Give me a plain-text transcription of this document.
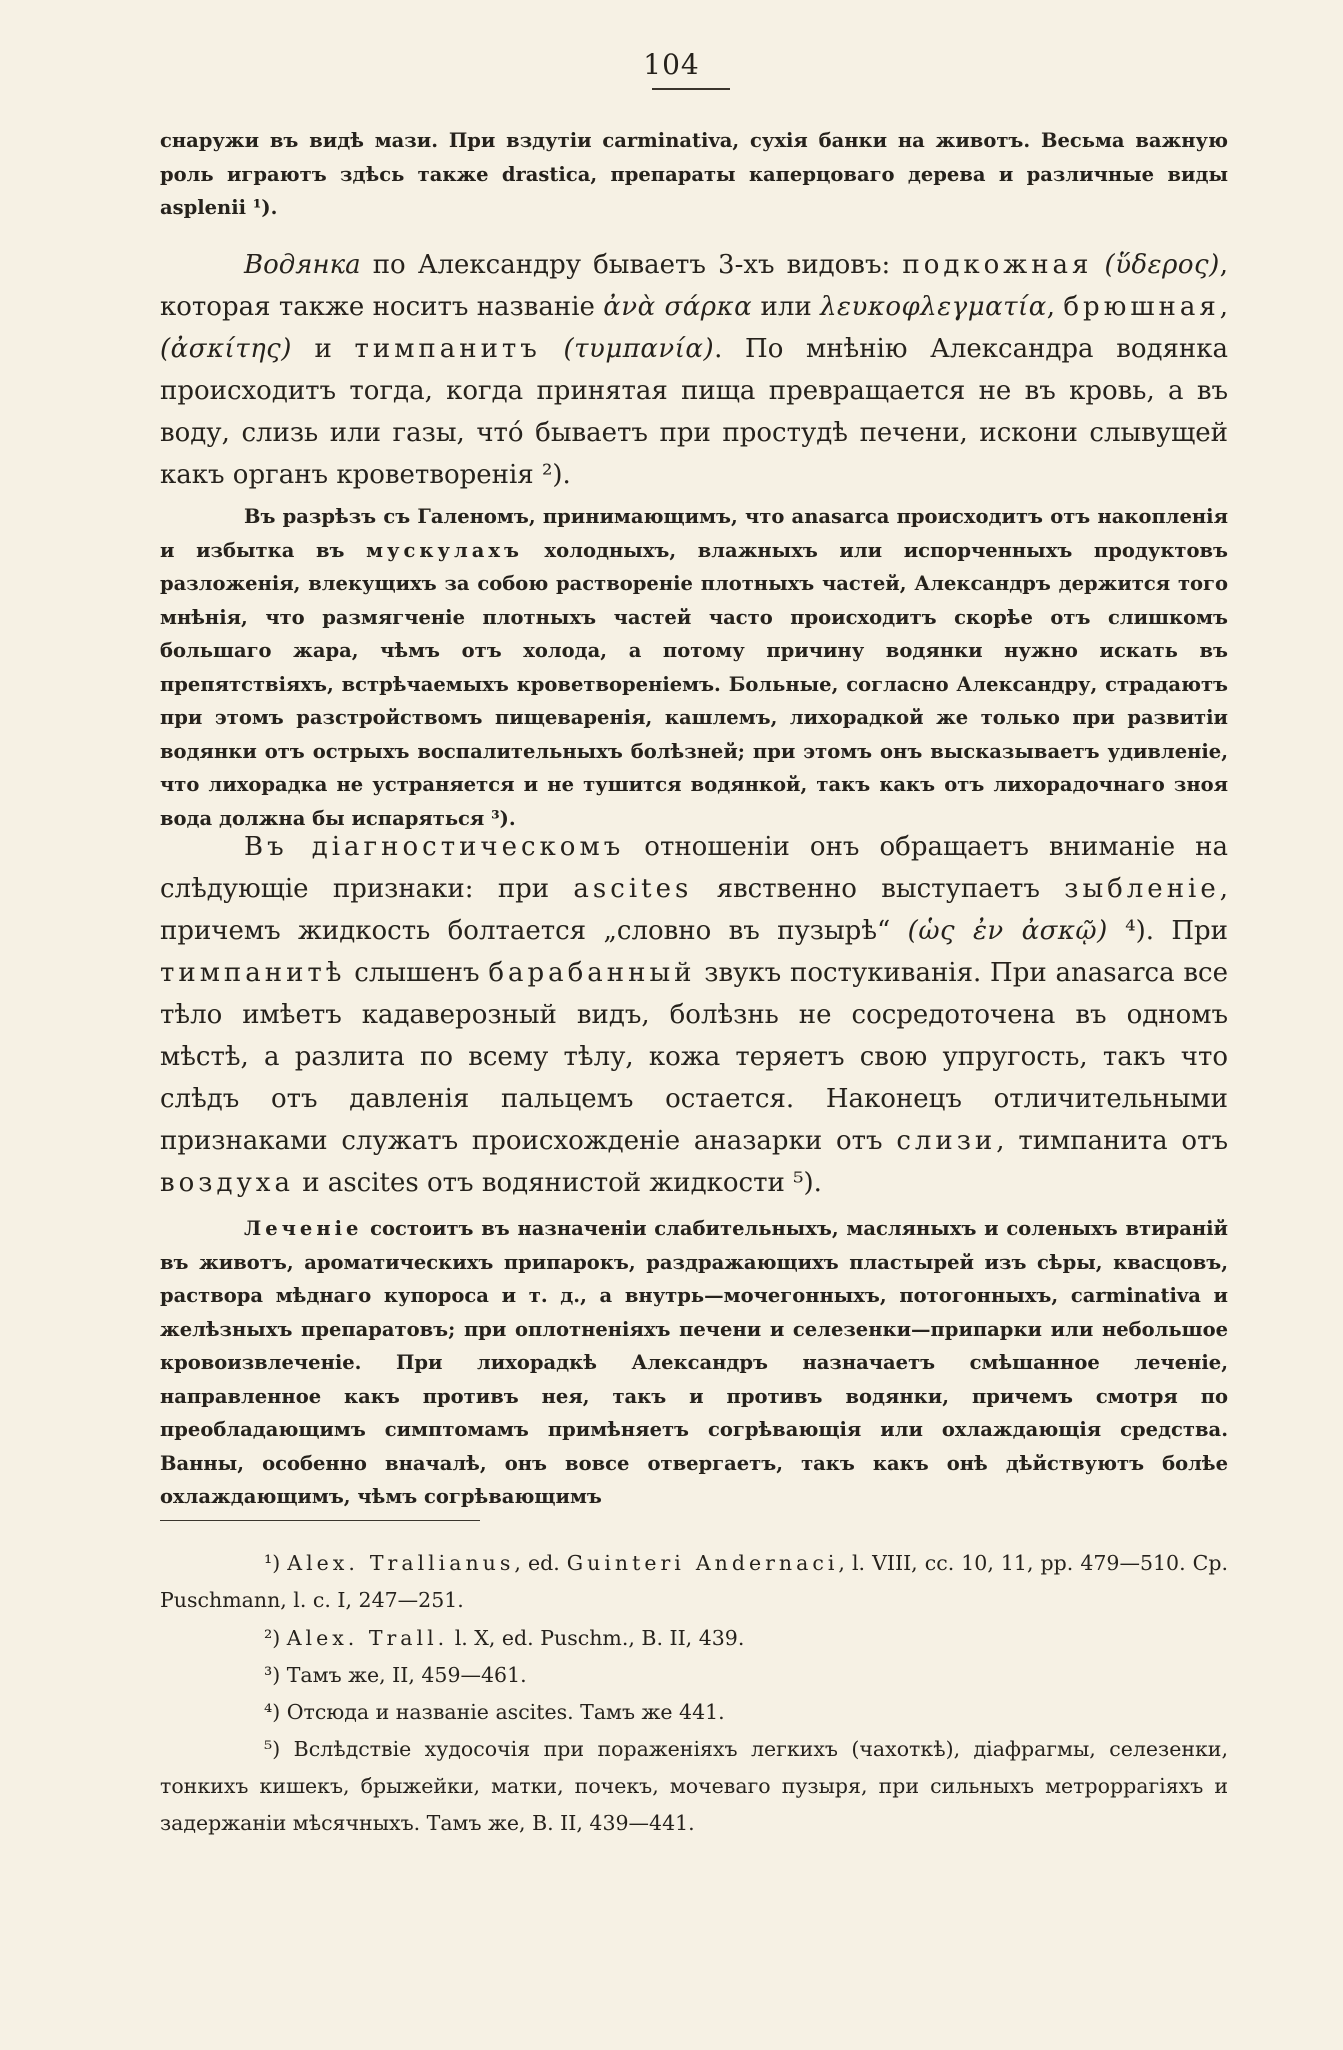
104
снаружи въ видѣ мази. При вздутіи carminativa, сухія банки на животъ. Весьма важную роль играютъ здѣсь также drastica, препараты каперцоваго дерева и различные виды asplenii ¹).
Водянка по Александру бываетъ 3-хъ видовъ: подкожная (ὕδερος), которая также носитъ названіе ἀνὰ σάρκα или λευκοφλεγματία, брюшная, (ἀσκίτης) и тимпанитъ (τυμπανία). По мнѣнію Александра водянка происходитъ тогда, когда принятая пища превращается не въ кровь, а въ воду, слизь или газы, что́ бываетъ при простудѣ печени, искони слывущей какъ органъ кроветворенія ²).
Въ разрѣзъ съ Галеномъ, принимающимъ, что anasarca происходитъ отъ накопленія и избытка въ мускулахъ холодныхъ, влажныхъ или испорченныхъ продуктовъ разложенія, влекущихъ за собою раствореніе плотныхъ частей, Александръ держится того мнѣнія, что размягченіе плотныхъ частей часто происходитъ скорѣе отъ слишкомъ большаго жара, чѣмъ отъ холода, а потому причину водянки нужно искать въ препятствіяхъ, встрѣчаемыхъ кроветвореніемъ. Больные, согласно Александру, страдаютъ при этомъ разстройствомъ пищеваренія, кашлемъ, лихорадкой же только при развитіи водянки отъ острыхъ воспалительныхъ болѣзней; при этомъ онъ высказываетъ удивленіе, что лихорадка не устраняется и не тушится водянкой, такъ какъ отъ лихорадочнаго зноя вода должна бы испаряться ³).
Въ діагностическомъ отношеніи онъ обращаетъ вниманіе на слѣдующіе признаки: при ascites явственно выступаетъ зыбленіе, причемъ жидкость болтается „словно въ пузырѣ“ (ὡς ἐν ἀσκῷ) ⁴). При тимпанитѣ слышенъ барабанный звукъ постукиванія. При anasarca все тѣло имѣетъ кадаверозный видъ, болѣзнь не сосредоточена въ одномъ мѣстѣ, а разлита по всему тѣлу, кожа теряетъ свою упругость, такъ что слѣдъ отъ давленія пальцемъ остается. Наконецъ отличительными признаками служатъ происхожденіе аназарки отъ слизи, тимпанита отъ воздуха и ascites отъ водянистой жидкости ⁵).
Леченіе состоитъ въ назначеніи слабительныхъ, масляныхъ и соленыхъ втираній въ животъ, ароматическихъ припарокъ, раздражающихъ пластырей изъ сѣры, квасцовъ, раствора мѣднаго купороса и т. д., а внутрь—мочегонныхъ, потогонныхъ, carminativa и желѣзныхъ препаратовъ; при оплотненіяхъ печени и селезенки—припарки или небольшое кровоизвлеченіе. При лихорадкѣ Александръ назначаетъ смѣшанное леченіе, направленное какъ противъ нея, такъ и противъ водянки, причемъ смотря по преобладающимъ симптомамъ примѣняетъ согрѣвающія или охлаждающія средства. Ванны, особенно вначалѣ, онъ вовсе отвергаетъ, такъ какъ онѣ дѣйствуютъ болѣе охлаждающимъ, чѣмъ согрѣвающимъ
¹) Alex. Trallianus, ed. Guinteri Andernaci, l. VIII, cc. 10, 11, pp. 479—510. Cp. Puschmann, l. c. I, 247—251.
²) Alex. Trall. l. X, ed. Puschm., B. II, 439.
³) Тамъ же, II, 459—461.
⁴) Отсюда и названіе ascites. Тамъ же 441.
⁵) Вслѣдствіе худосочія при пораженіяхъ легкихъ (чахоткѣ), діафрагмы, селезенки, тонкихъ кишекъ, брыжейки, матки, почекъ, мочеваго пузыря, при сильныхъ метроррагіяхъ и задержаніи мѣсячныхъ. Тамъ же, B. II, 439—441.
